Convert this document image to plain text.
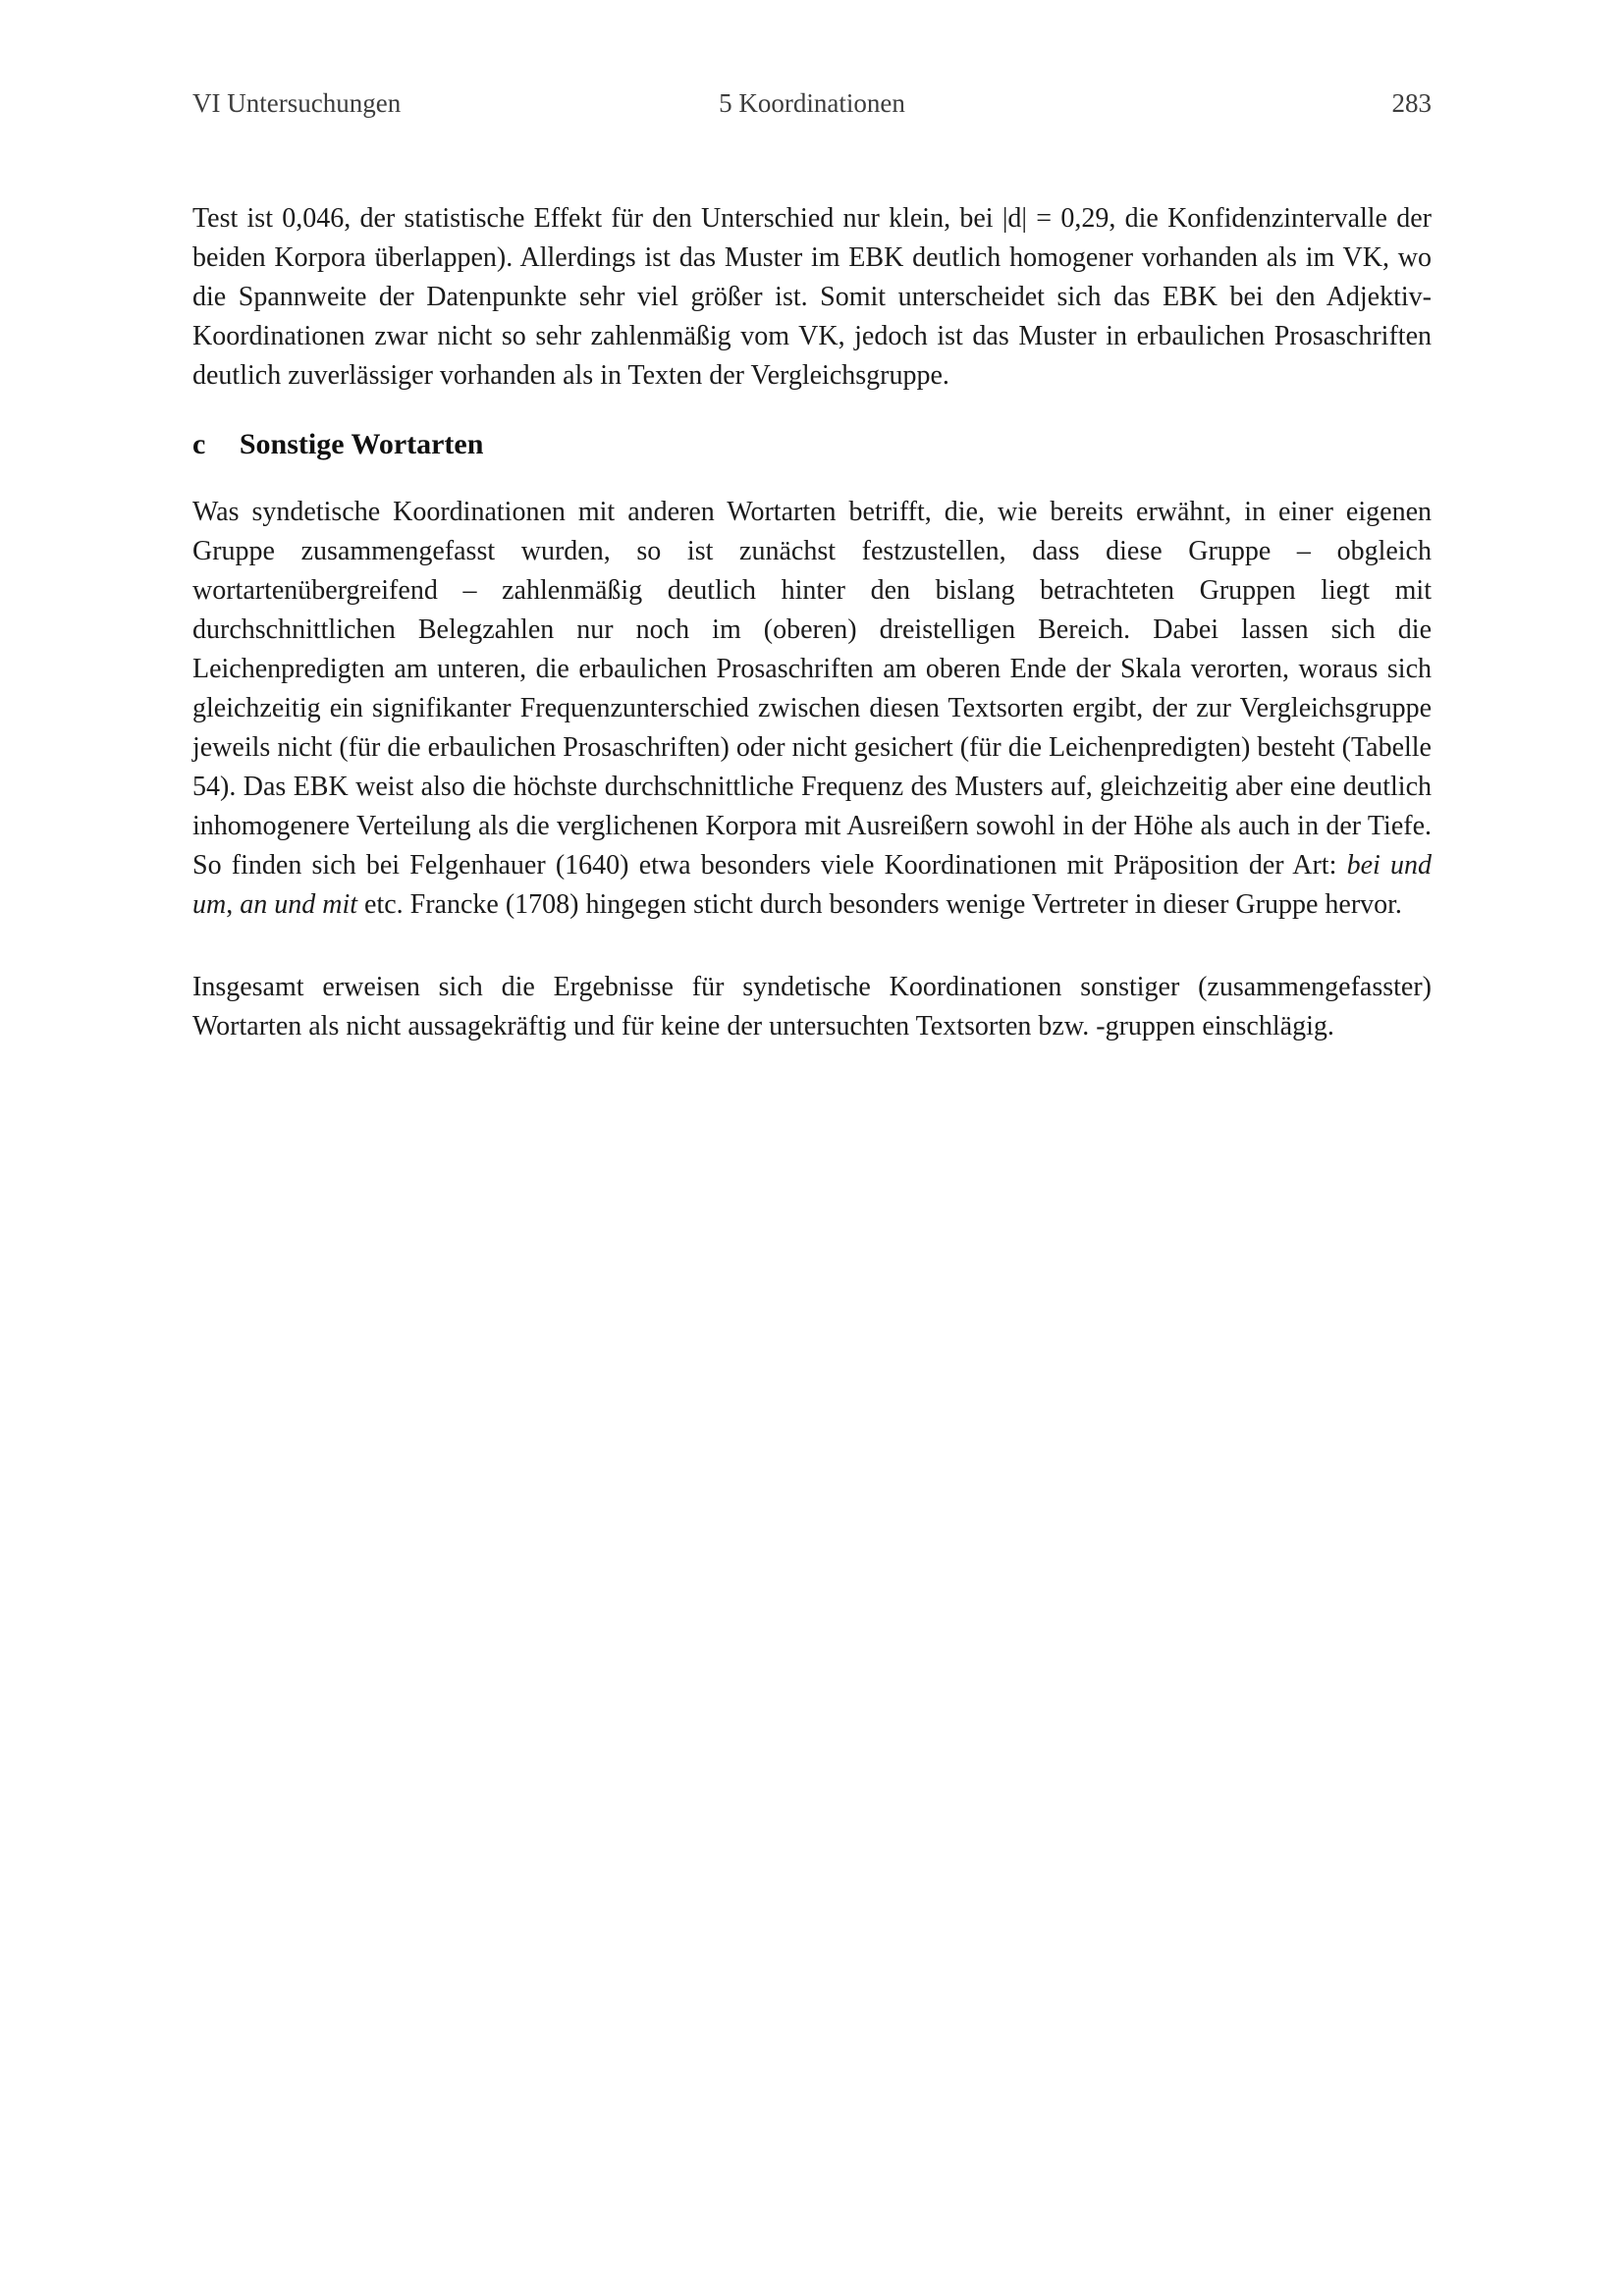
VI Untersuchungen	5 Koordinationen	283

Test ist 0,046, der statistische Effekt für den Unterschied nur klein, bei |d| = 0,29, die Konfidenzintervalle der beiden Korpora überlappen). Allerdings ist das Muster im EBK deutlich homogener vorhanden als im VK, wo die Spannweite der Datenpunkte sehr viel größer ist. Somit unterscheidet sich das EBK bei den Adjektiv-Koordinationen zwar nicht so sehr zahlenmäßig vom VK, jedoch ist das Muster in erbaulichen Prosaschriften deutlich zuverlässiger vorhanden als in Texten der Vergleichsgruppe.

c Sonstige Wortarten

Was syndetische Koordinationen mit anderen Wortarten betrifft, die, wie bereits erwähnt, in einer eigenen Gruppe zusammengefasst wurden, so ist zunächst festzustellen, dass diese Gruppe – obgleich wortartenübergreifend – zahlenmäßig deutlich hinter den bislang betrachteten Gruppen liegt mit durchschnittlichen Belegzahlen nur noch im (oberen) dreistelligen Bereich. Dabei lassen sich die Leichenpredigten am unteren, die erbaulichen Prosaschriften am oberen Ende der Skala verorten, woraus sich gleichzeitig ein signifikanter Frequenzunterschied zwischen diesen Textsorten ergibt, der zur Vergleichsgruppe jeweils nicht (für die erbaulichen Prosaschriften) oder nicht gesichert (für die Leichenpredigten) besteht (Tabelle 54). Das EBK weist also die höchste durchschnittliche Frequenz des Musters auf, gleichzeitig aber eine deutlich inhomogenere Verteilung als die verglichenen Korpora mit Ausreißern sowohl in der Höhe als auch in der Tiefe. So finden sich bei Felgenhauer (1640) etwa besonders viele Koordinationen mit Präposition der Art: bei und um, an und mit etc. Francke (1708) hingegen sticht durch besonders wenige Vertreter in dieser Gruppe hervor.

Insgesamt erweisen sich die Ergebnisse für syndetische Koordinationen sonstiger (zusammengefasster) Wortarten als nicht aussagekräftig und für keine der untersuchten Textsorten bzw. -gruppen einschlägig.
